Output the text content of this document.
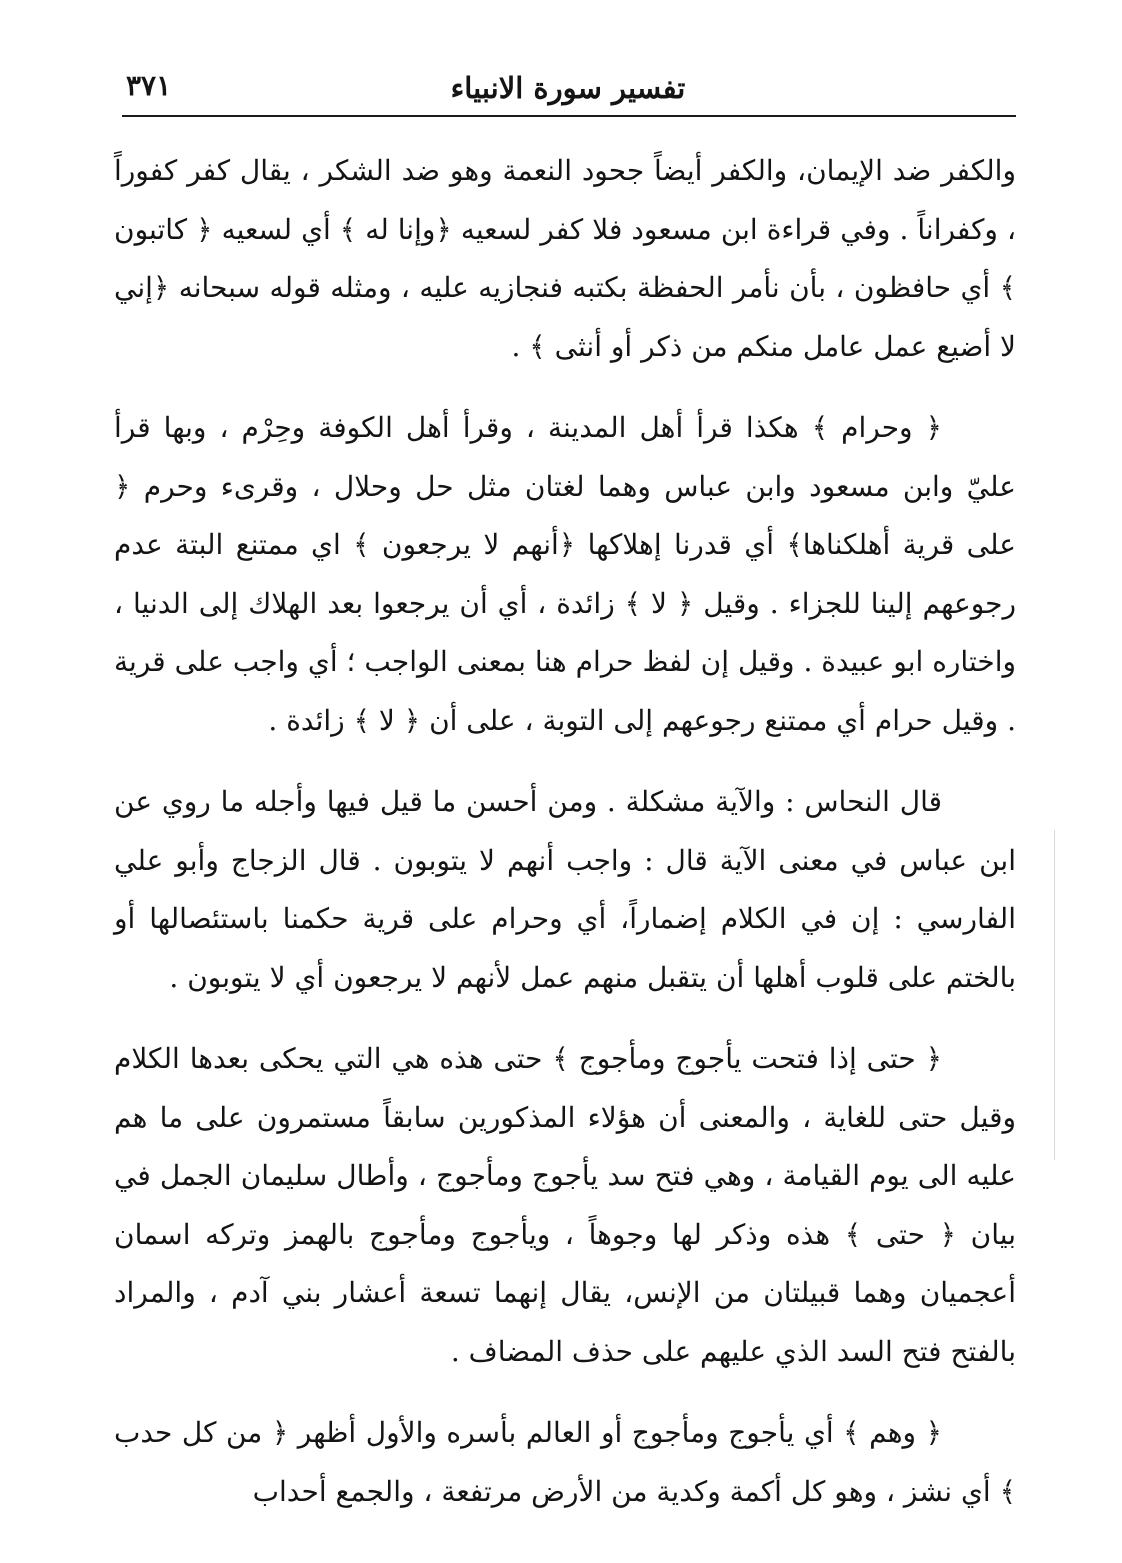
تفسير سورة الانبياء
٣٧١

والكفر ضد الإيمان، والكفر أيضاً جحود النعمة وهو ضد الشكر ، يقال كفر كفوراً ، وكفراناً . وفي قراءة ابن مسعود فلا كفر لسعيه ﴿وإنا له ﴾ أي لسعيه ﴿ كاتبون ﴾ أي حافظون ، بأن نأمر الحفظة بكتبه فنجازيه عليه ، ومثله قوله سبحانه ﴿إني لا أضيع عمل عامل منكم من ذكر أو أنثى ﴾ .

﴿ وحرام ﴾ هكذا قرأ أهل المدينة ، وقرأ أهل الكوفة وحِرْم ، وبها قرأ عليّ وابن مسعود وابن عباس وهما لغتان مثل حل وحلال ، وقرىء وحرم ﴿ على قرية أهلكناها﴾ أي قدرنا إهلاكها ﴿أنهم لا يرجعون ﴾ اي ممتنع البتة عدم رجوعهم إلينا للجزاء . وقيل ﴿ لا ﴾ زائدة ، أي أن يرجعوا بعد الهلاك إلى الدنيا ، واختاره ابو عبيدة . وقيل إن لفظ حرام هنا بمعنى الواجب ؛ أي واجب على قرية . وقيل حرام أي ممتنع رجوعهم إلى التوبة ، على أن ﴿ لا ﴾ زائدة .

قال النحاس : والآية مشكلة . ومن أحسن ما قيل فيها وأجله ما روي عن ابن عباس في معنى الآية قال : واجب أنهم لا يتوبون . قال الزجاج وأبو علي الفارسي : إن في الكلام إضماراً، أي وحرام على قرية حكمنا باستئصالها أو بالختم على قلوب أهلها أن يتقبل منهم عمل لأنهم لا يرجعون أي لا يتوبون .

﴿ حتى إذا فتحت يأجوج ومأجوج ﴾ حتى هذه هي التي يحكى بعدها الكلام وقيل حتى للغاية ، والمعنى أن هؤلاء المذكورين سابقاً مستمرون على ما هم عليه الى يوم القيامة ، وهي فتح سد يأجوج ومأجوج ، وأطال سليمان الجمل في بيان ﴿ حتى ﴾ هذه وذكر لها وجوهاً ، ويأجوج ومأجوج بالهمز وتركه اسمان أعجميان وهما قبيلتان من الإنس، يقال إنهما تسعة أعشار بني آدم ، والمراد بالفتح فتح السد الذي عليهم على حذف المضاف .

﴿ وهم ﴾ أي يأجوج ومأجوج أو العالم بأسره والأول أظهر ﴿ من كل حدب ﴾ أي نشز ، وهو كل أكمة وكدية من الأرض مرتفعة ، والجمع أحداب
